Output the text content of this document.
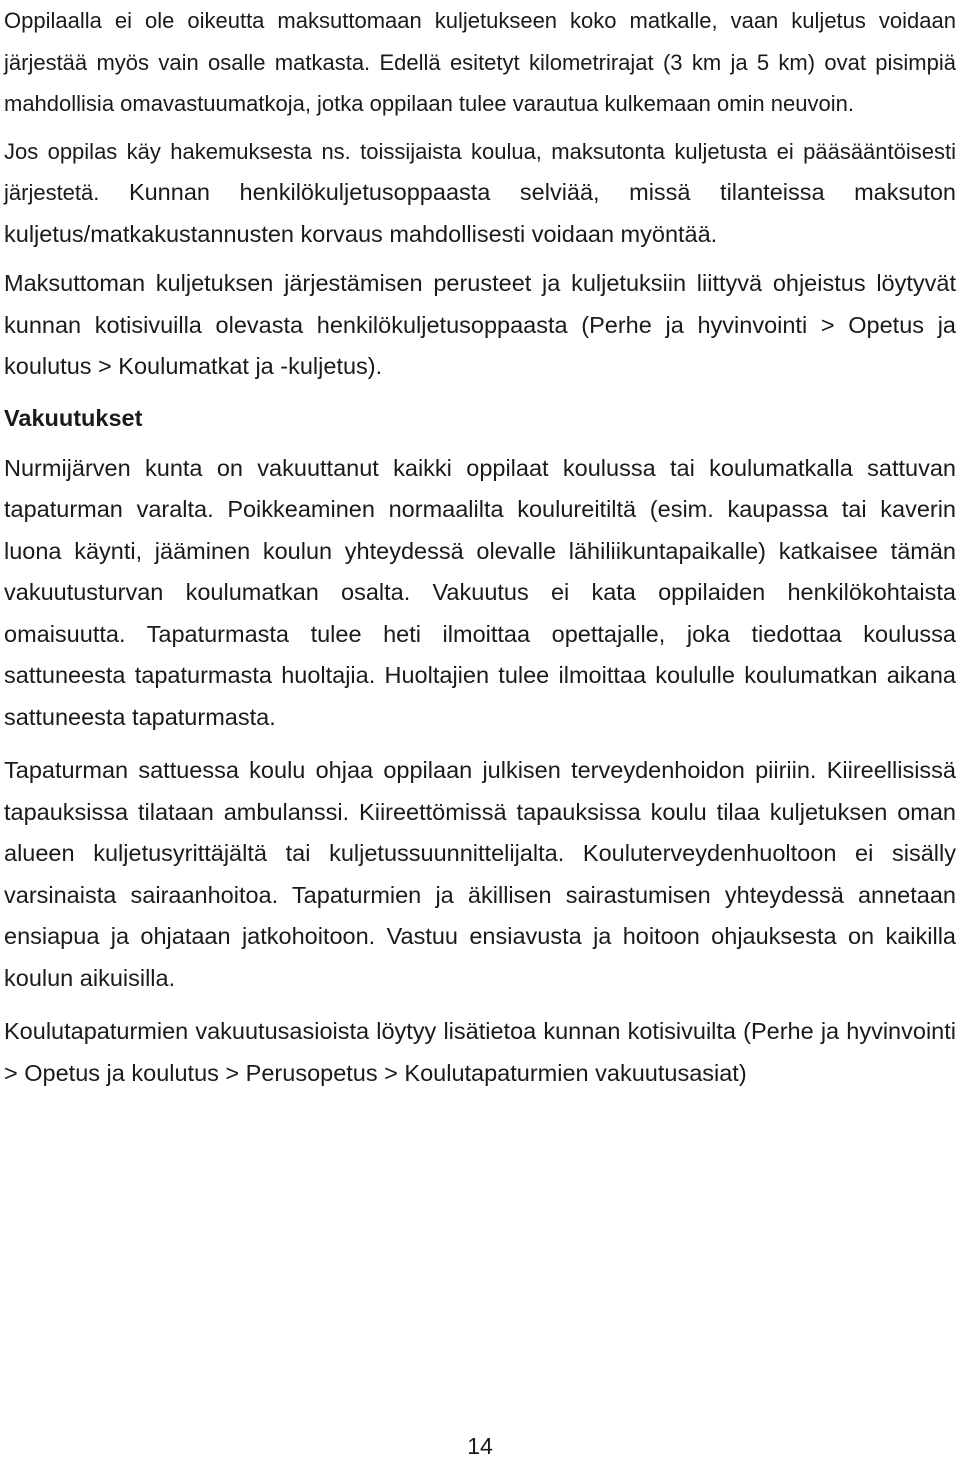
Oppilaalla ei ole oikeutta maksuttomaan kuljetukseen koko matkalle, vaan kuljetus voidaan järjestää myös vain osalle matkasta. Edellä esitetyt kilometrirajat (3 km ja 5 km) ovat pisimpiä mahdollisia omavastuumatkoja, jotka oppilaan tulee varautua kulkemaan omin neuvoin.

Jos oppilas käy hakemuksesta ns. toissijaista koulua, maksutonta kuljetusta ei pääsääntöisesti järjestetä. Kunnan henkilökuljetusoppaasta selviää, missä tilanteissa maksuton kuljetus/matkakustannusten korvaus mahdollisesti voidaan myöntää.

Maksuttoman kuljetuksen järjestämisen perusteet ja kuljetuksiin liittyvä ohjeistus löytyvät kunnan kotisivuilla olevasta henkilökuljetusoppaasta (Perhe ja hyvinvointi > Opetus ja koulutus > Koulumatkat ja -kuljetus).

Vakuutukset

Nurmijärven kunta on vakuuttanut kaikki oppilaat koulussa tai koulumatkalla sattuvan tapaturman varalta. Poikkeaminen normaalilta koulureitiltä (esim. kaupassa tai kaverin luona käynti, jääminen koulun yhteydessä olevalle lähiliikuntapaikalle) katkaisee tämän vakuutusturvan koulumatkan osalta. Vakuutus ei kata oppilaiden henkilökohtaista omaisuutta. Tapaturmasta tulee heti ilmoittaa opettajalle, joka tiedottaa koulussa sattuneesta tapaturmasta huoltajia. Huoltajien tulee ilmoittaa koululle koulumatkan aikana sattuneesta tapaturmasta.

Tapaturman sattuessa koulu ohjaa oppilaan julkisen terveydenhoidon piiriin. Kiireellisissä tapauksissa tilataan ambulanssi. Kiireettömissä tapauksissa koulu tilaa kuljetuksen oman alueen kuljetusyrittäjältä tai kuljetussuunnittelijalta. Kouluterveydenhuoltoon ei sisälly varsinaista sairaanhoitoa. Tapaturmien ja äkillisen sairastumisen yhteydessä annetaan ensiapua ja ohjataan jatkohoitoon. Vastuu ensiavusta ja hoitoon ohjauksesta on kaikilla koulun aikuisilla.

Koulutapaturmien vakuutusasioista löytyy lisätietoa kunnan kotisivuilta (Perhe ja hyvinvointi > Opetus ja koulutus > Perusopetus > Koulutapaturmien vakuutusasiat)

14
